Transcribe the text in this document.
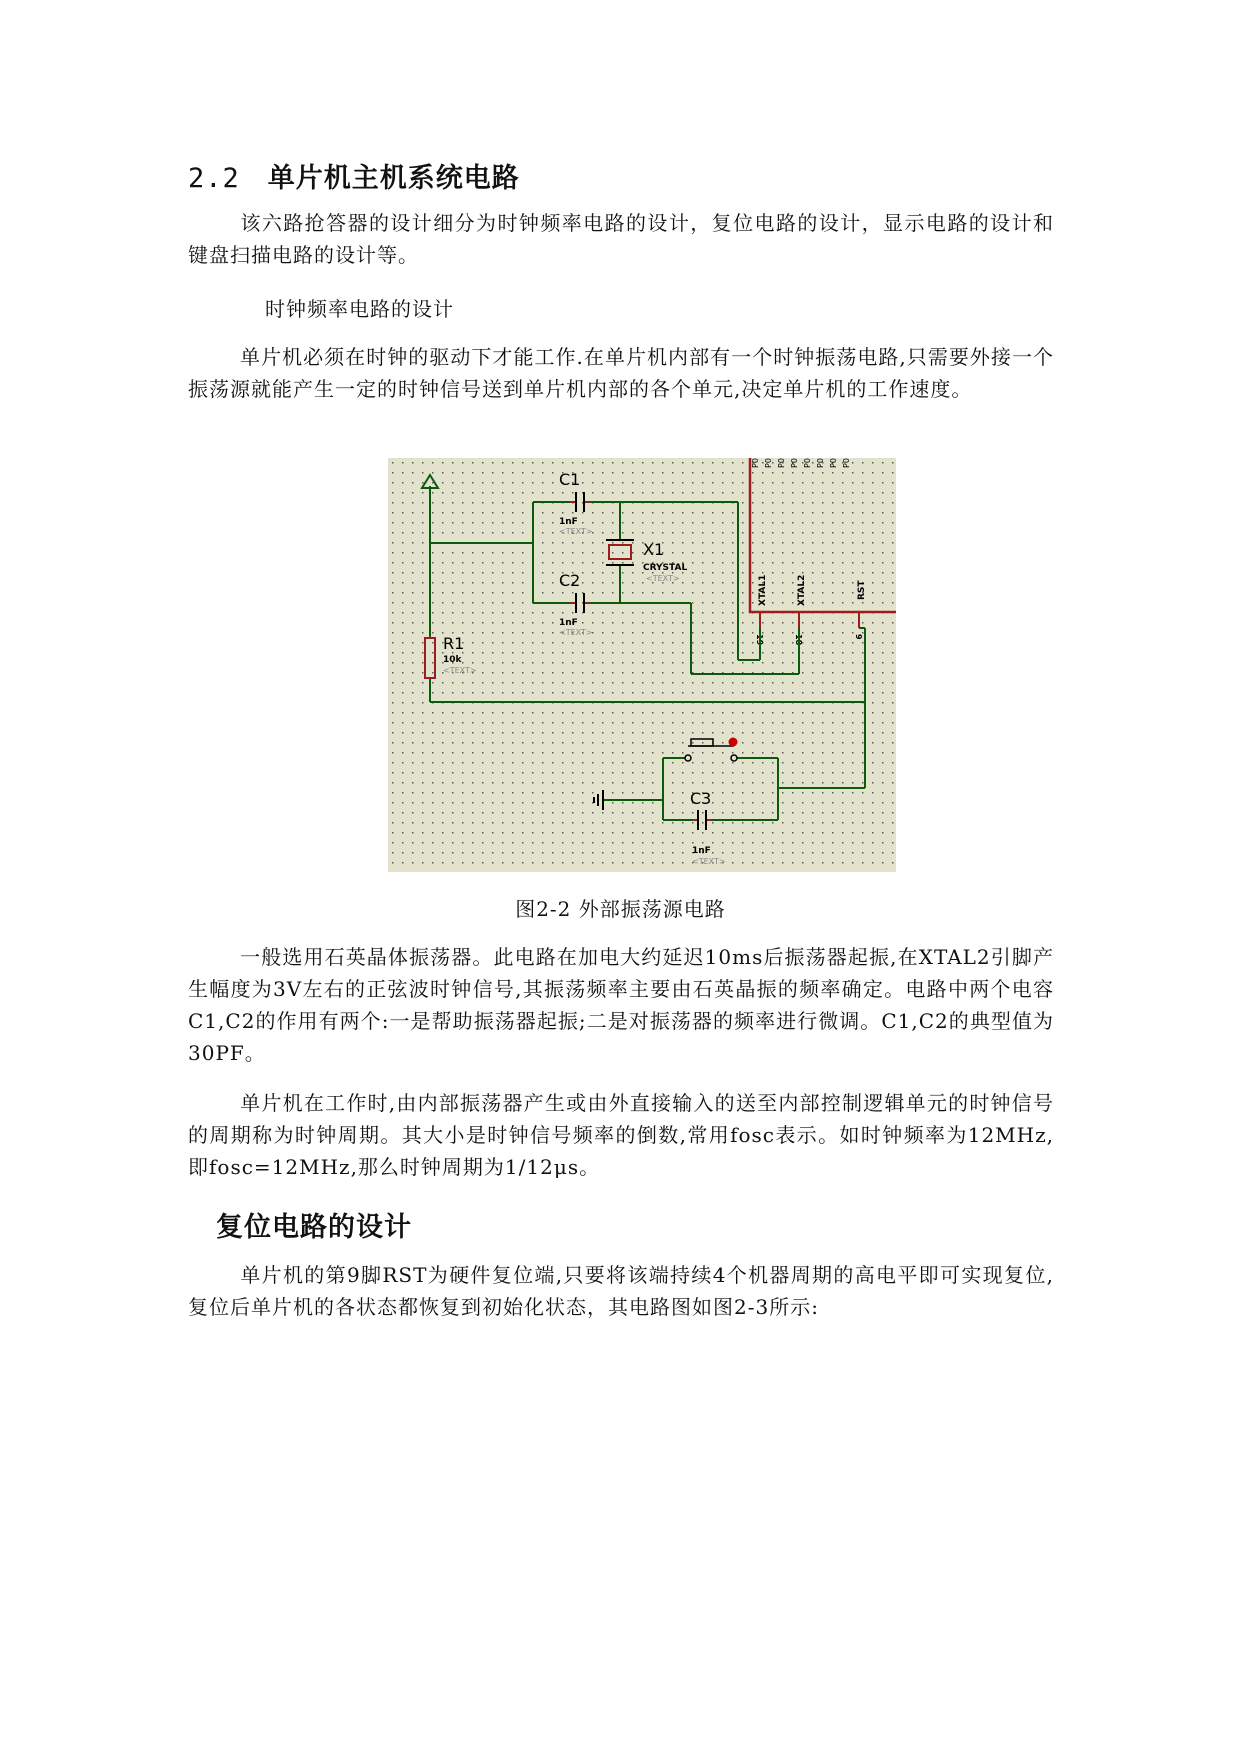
2.2 单片机主机系统电路
该六路抢答器的设计细分为时钟频率电路的设计，复位电路的设计，显示电路的设计和键盘扫描电路的设计等。
时钟频率电路的设计
单片机必须在时钟的驱动下才能工作.在单片机内部有一个时钟振荡电路,只需要外接一个振荡源就能产生一定的时钟信号送到单片机内部的各个单元,决定单片机的工作速度。
P0 P0 P0 P0 P0 P0 P0 P0
XTAL1	XTAL2	RST
19	18	9
C1
1nF
<TEXT>
C2
1nF
<TEXT>
X1
CRYSTAL
<TEXT>
R1
10k
<TEXT>
C3
1nF
<TEXT>
图2-2 外部振荡源电路
一般选用石英晶体振荡器。此电路在加电大约延迟10ms后振荡器起振,在XTAL2引脚产生幅度为3V左右的正弦波时钟信号,其振荡频率主要由石英晶振的频率确定。电路中两个电容 C1,C2的作用有两个:一是帮助振荡器起振;二是对振荡器的频率进行微调。C1,C2的典型值为30PF。
单片机在工作时,由内部振荡器产生或由外直接输入的送至内部控制逻辑单元的时钟信号的周期称为时钟周期。其大小是时钟信号频率的倒数,常用fosc表示。如时钟频率为12MHz,即fosc=12MHz,那么时钟周期为1/12μs。
复位电路的设计
单片机的第9脚RST为硬件复位端,只要将该端持续4个机器周期的高电平即可实现复位,复位后单片机的各状态都恢复到初始化状态，其电路图如图2-3所示:
